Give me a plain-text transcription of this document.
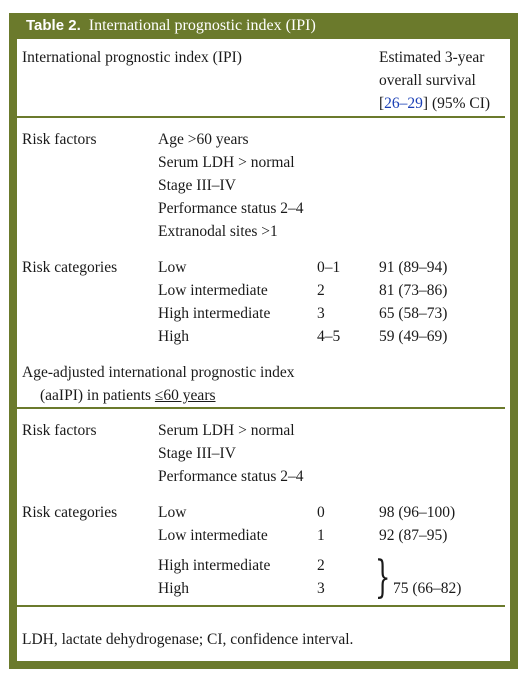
Table 2. International prognostic index (IPI)
International prognostic index (IPI)	Estimated 3-year
overall survival
[26–29] (95% CI)
Risk factors	Age >60 years
Serum LDH > normal
Stage III–IV
Performance status 2–4
Extranodal sites >1
Risk categories	Low	0–1	91 (89–94)
Low intermediate	2	81 (73–86)
High intermediate	3	65 (58–73)
High	4–5	59 (49–69)
Age-adjusted international prognostic index
(aaIPI) in patients ≤60 years
Risk factors	Serum LDH > normal
Stage III–IV
Performance status 2–4
Risk categories	Low	0	98 (96–100)
Low intermediate	1	92 (87–95)
High intermediate	2
High	3 } 75 (66–82)
LDH, lactate dehydrogenase; CI, confidence interval.
